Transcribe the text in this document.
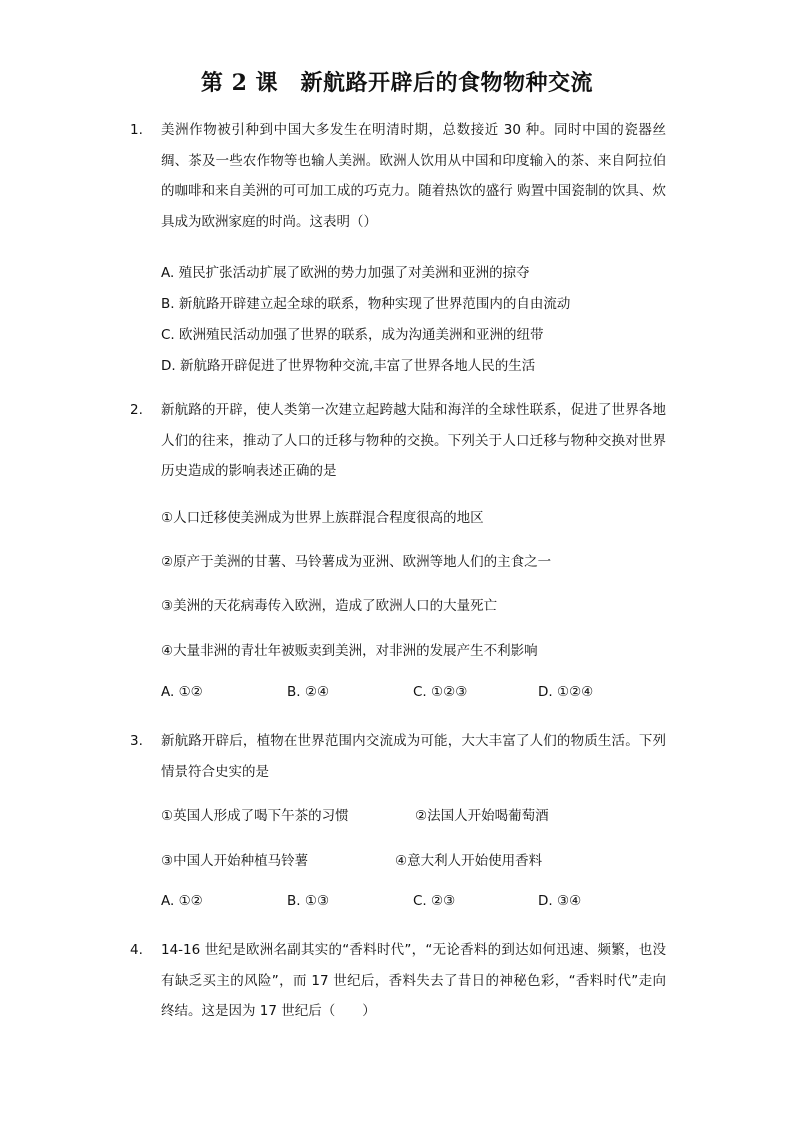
第 2 课　新航路开辟后的食物物种交流
1. 美洲作物被引种到中国大多发生在明清时期，总数接近 30 种。同时中国的瓷器丝绸、茶及一些农作物等也输人美洲。欧洲人饮用从中国和印度输入的茶、来自阿拉伯的咖啡和来自美洲的可可加工成的巧克力。随着热饮的盛行 购置中国瓷制的饮具、炊具成为欧洲家庭的时尚。这表明（）
A. 殖民扩张活动扩展了欧洲的势力加强了对美洲和亚洲的掠夺
B. 新航路开辟建立起全球的联系，物种实现了世界范围内的自由流动
C. 欧洲殖民活动加强了世界的联系，成为沟通美洲和亚洲的纽带
D. 新航路开辟促进了世界物种交流,丰富了世界各地人民的生活
2. 新航路的开辟，使人类第一次建立起跨越大陆和海洋的全球性联系，促进了世界各地人们的往来，推动了人口的迁移与物种的交换。下列关于人口迁移与物种交换对世界历史造成的影响表述正确的是
①人口迁移使美洲成为世界上族群混合程度很高的地区
②原产于美洲的甘薯、马铃薯成为亚洲、欧洲等地人们的主食之一
③美洲的天花病毒传入欧洲，造成了欧洲人口的大量死亡
④大量非洲的青壮年被贩卖到美洲，对非洲的发展产生不利影响
A. ①②	B. ②④	C. ①②③	D. ①②④
3. 新航路开辟后，植物在世界范围内交流成为可能，大大丰富了人们的物质生活。下列情景符合史实的是
①英国人形成了喝下午茶的习惯	②法国人开始喝葡萄酒
③中国人开始种植马铃薯	④意大利人开始使用香料
A. ①②	B. ①③	C. ②③	D. ③④
4. 14-16 世纪是欧洲名副其实的“香料时代”，“无论香料的到达如何迅速、频繁，也没有缺乏买主的风险”，而 17 世纪后，香料失去了昔日的神秘色彩，“香料时代”走向终结。这是因为 17 世纪后（　　）
